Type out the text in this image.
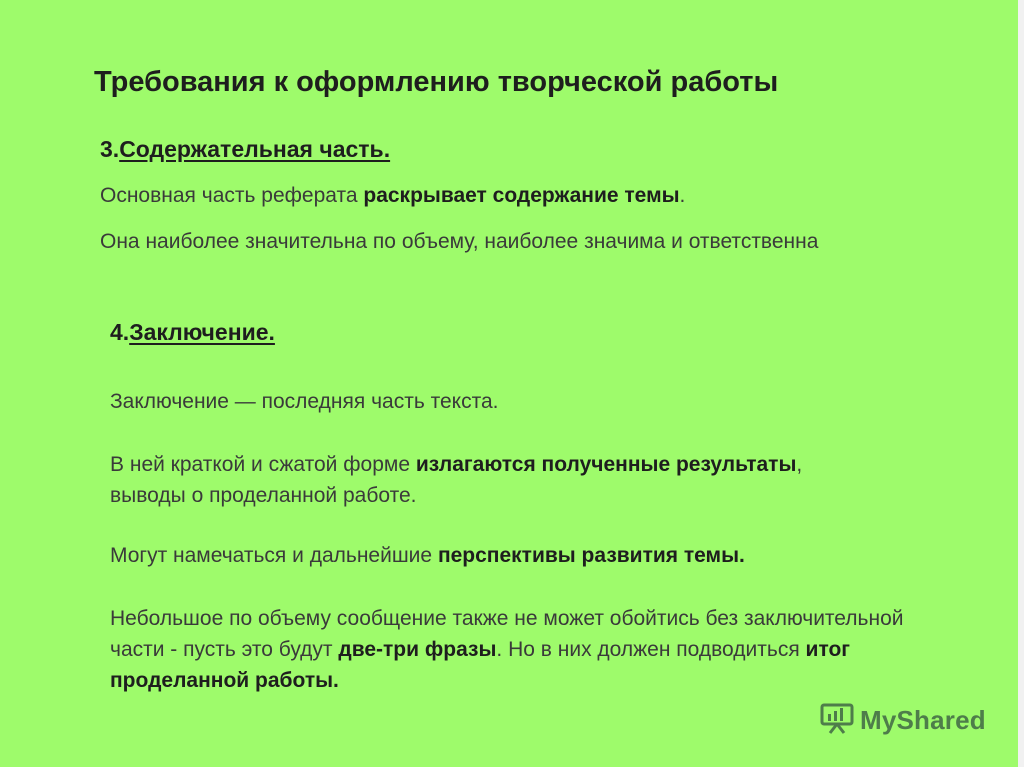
Требования к оформлению творческой работы
3.Содержательная часть.
Основная часть реферата раскрывает содержание темы.
Она наиболее значительна по объему, наиболее значима и ответственна
4.Заключение.
Заключение — последняя часть текста.
В ней краткой и сжатой форме излагаются полученные результаты, выводы о проделанной работе.
Могут намечаться и дальнейшие перспективы развития темы.
Небольшое по объему сообщение также не может обойтись без заключительной части - пусть это будут две-три фразы. Но в них должен подводиться итог проделанной работы.
MyShared
